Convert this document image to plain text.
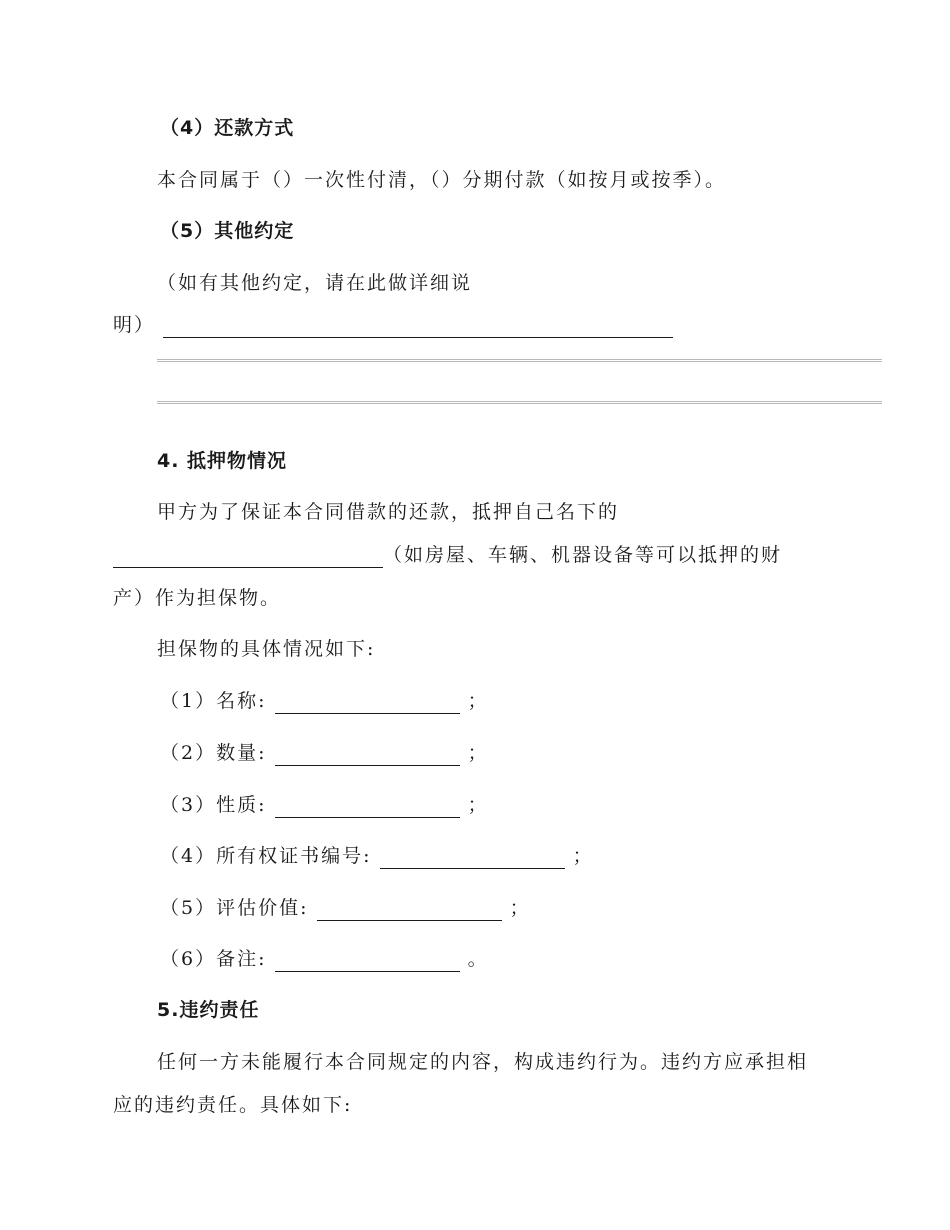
（4）还款方式
本合同属于（）一次性付清，（）分期付款（如按月或按季）。
（5）其他约定
（如有其他约定，请在此做详细说
明）
4. 抵押物情况
甲方为了保证本合同借款的还款，抵押自己名下的
（如房屋、车辆、机器设备等可以抵押的财
产）作为担保物。
担保物的具体情况如下:
（1）名称:	；
（2）数量:	；
（3）性质:	；
（4）所有权证书编号:	；
（5）评估价值:	；
（6）备注:	。
5.违约责任
任何一方未能履行本合同规定的内容，构成违约行为。违约方应承担相
应的违约责任。具体如下:
